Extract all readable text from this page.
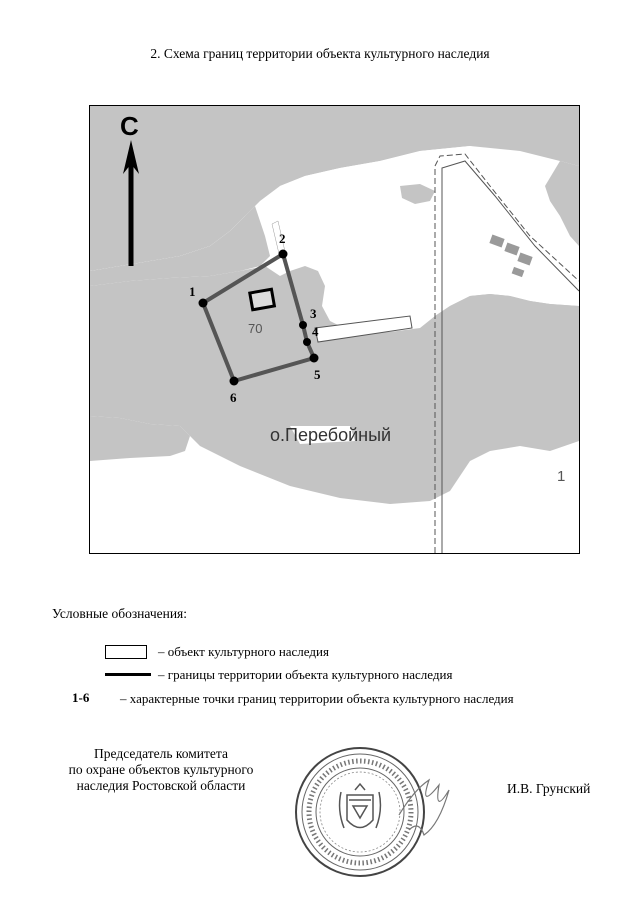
2. Схема границ территории объекта культурного наследия
С
70
1
2
3
4
5
6
о.Перебойный
1
Условные обозначения:
– объект культурного наследия
– границы территории объекта культурного наследия
1-6 – характерные точки границ территории объекта культурного наследия
Председатель комитета
по охране объектов культурного
наследия Ростовской области	И.В. Грунский
